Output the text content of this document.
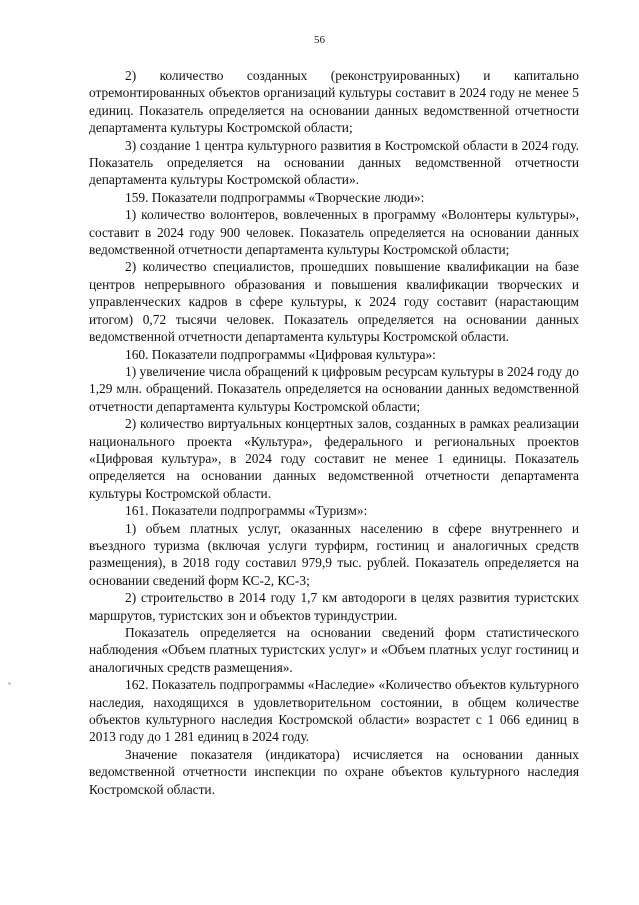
56

2) количество созданных (реконструированных) и капитально отремонтированных объектов организаций культуры составит в 2024 году не менее 5 единиц. Показатель определяется на основании данных ведомственной отчетности департамента культуры Костромской области;

3) создание 1 центра культурного развития в Костромской области в 2024 году. Показатель определяется на основании данных ведомственной отчетности департамента культуры Костромской области».

159. Показатели подпрограммы «Творческие люди»:

1) количество волонтеров, вовлеченных в программу «Волонтеры культуры», составит в 2024 году 900 человек. Показатель определяется на основании данных ведомственной отчетности департамента культуры Костромской области;

2) количество специалистов, прошедших повышение квалификации на базе центров непрерывного образования и повышения квалификации творческих и управленческих кадров в сфере культуры, к 2024 году составит (нарастающим итогом) 0,72 тысячи человек. Показатель определяется на основании данных ведомственной отчетности департамента культуры Костромской области.

160. Показатели подпрограммы «Цифровая культура»:

1) увеличение числа обращений к цифровым ресурсам культуры в 2024 году до 1,29 млн. обращений. Показатель определяется на основании данных ведомственной отчетности департамента культуры Костромской области;

2) количество виртуальных концертных залов, созданных в рамках реализации национального проекта «Культура», федерального и региональных проектов «Цифровая культура», в 2024 году составит не менее 1 единицы. Показатель определяется на основании данных ведомственной отчетности департамента культуры Костромской области.

161. Показатели подпрограммы «Туризм»:

1) объем платных услуг, оказанных населению в сфере внутреннего и въездного туризма (включая услуги турфирм, гостиниц и аналогичных средств размещения), в 2018 году составил 979,9 тыс. рублей. Показатель определяется на основании сведений форм КС-2, КС-3;

2) строительство в 2014 году 1,7 км автодороги в целях развития туристских маршрутов, туристских зон и объектов туриндустрии.

Показатель определяется на основании сведений форм статистического наблюдения «Объем платных туристских услуг» и «Объем платных услуг гостиниц и аналогичных средств размещения».

162. Показатель подпрограммы «Наследие» «Количество объектов культурного наследия, находящихся в удовлетворительном состоянии, в общем количестве объектов культурного наследия Костромской области» возрастет с 1 066 единиц в 2013 году до 1 281 единиц в 2024 году.

Значение показателя (индикатора) исчисляется на основании данных ведомственной отчетности инспекции по охране объектов культурного наследия Костромской области.
